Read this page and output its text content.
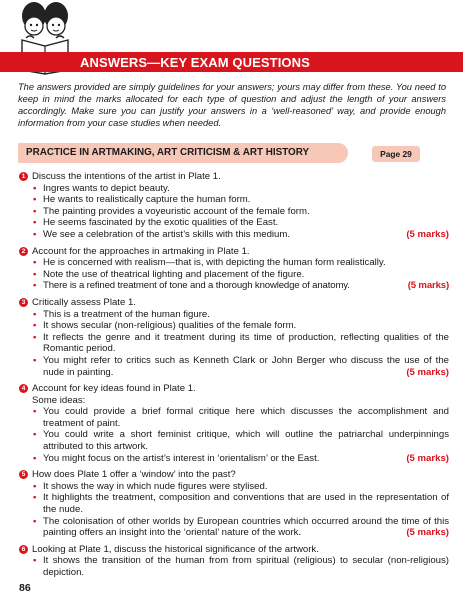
ANSWERS—KEY EXAM QUESTIONS
The answers provided are simply guidelines for your answers; yours may differ from these. You need to keep in mind the marks allocated for each type of question and adjust the length of your answers accordingly. Make sure you can justify your answers in a ‘well-reasoned’ way, and provide enough information from your case studies when needed.
PRACTICE IN ARTMAKING, ART CRITICISM & ART HISTORY	Page 29
1 Discuss the intentions of the artist in Plate 1.
• Ingres wants to depict beauty.
• He wants to realistically capture the human form.
• The painting provides a voyeuristic account of the female form.
• He seems fascinated by the exotic qualities of the East.
• (5 marks)
We see a celebration of the artist’s skills with this medium.
2 Account for the approaches in artmaking in Plate 1.
• He is concerned with realism—that is, with depicting the human form realistically.
• Note the use of theatrical lighting and placement of the figure.
• (5 marks)
There is a refined treatment of tone and a thorough knowledge of anatomy.
3 Critically assess Plate 1.
• This is a treatment of the human figure.
• It shows secular (non-religious) qualities of the female form.
• It reflects the genre and it treatment during its time of production, reflecting qualities of the Romantic period.
• You might refer to critics such as Kenneth Clark or John Berger who discuss the use of the nude in painting.	(5 marks)
4 Account for key ideas found in Plate 1.
Some ideas:
• You could provide a brief formal critique here which discusses the accomplishment and treatment of paint.
• You could write a short feminist critique, which will outline the patriarchal underpinnings attributed to this artwork.
• (5 marks)
You might focus on the artist’s interest in ‘orientalism’ or the East.
5 How does Plate 1 offer a ‘window’ into the past?
• It shows the way in which nude figures were stylised.
• It highlights the treatment, composition and conventions that are used in the representation of the nude.
• The colonisation of other worlds by European countries which occurred around the time of this painting offers an insight into the ‘oriental’ nature of the work.	(5 marks)
6 Looking at Plate 1, discuss the historical significance of the artwork.
• It shows the transition of the human from from spiritual (religious) to secular (non-religious) depiction.
86
